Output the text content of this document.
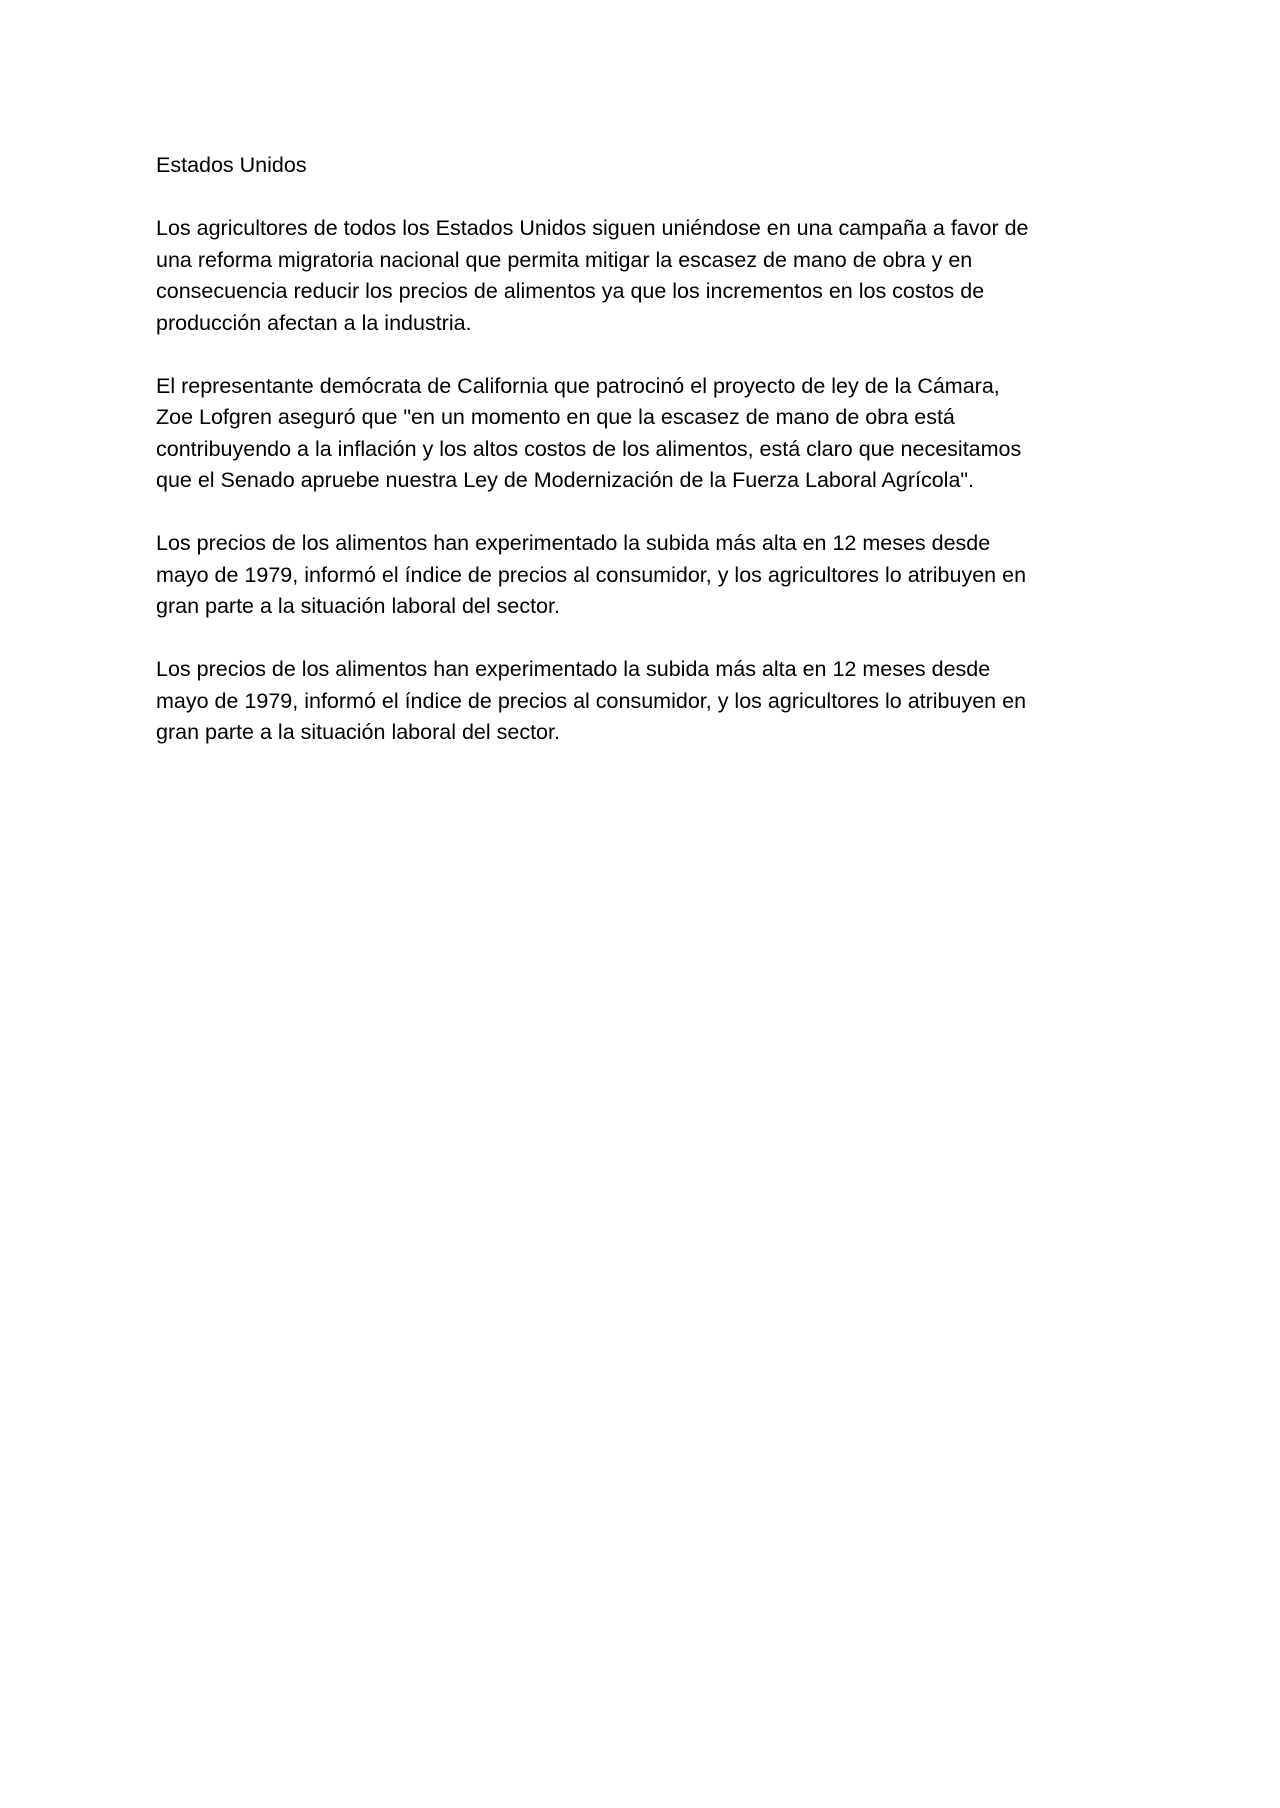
Estados Unidos
Los agricultores de todos los Estados Unidos siguen uniéndose en una campaña a favor de
una reforma migratoria nacional que permita mitigar la escasez de mano de obra y en
consecuencia reducir los precios de alimentos ya que los incrementos en los costos de
producción afectan a la industria.
El representante demócrata de California que patrocinó el proyecto de ley de la Cámara,
Zoe Lofgren aseguró que "en un momento en que la escasez de mano de obra está
contribuyendo a la inflación y los altos costos de los alimentos, está claro que necesitamos
que el Senado apruebe nuestra Ley de Modernización de la Fuerza Laboral Agrícola".
Los precios de los alimentos han experimentado la subida más alta en 12 meses desde
mayo de 1979, informó el índice de precios al consumidor, y los agricultores lo atribuyen en
gran parte a la situación laboral del sector.
Los precios de los alimentos han experimentado la subida más alta en 12 meses desde
mayo de 1979, informó el índice de precios al consumidor, y los agricultores lo atribuyen en
gran parte a la situación laboral del sector.
